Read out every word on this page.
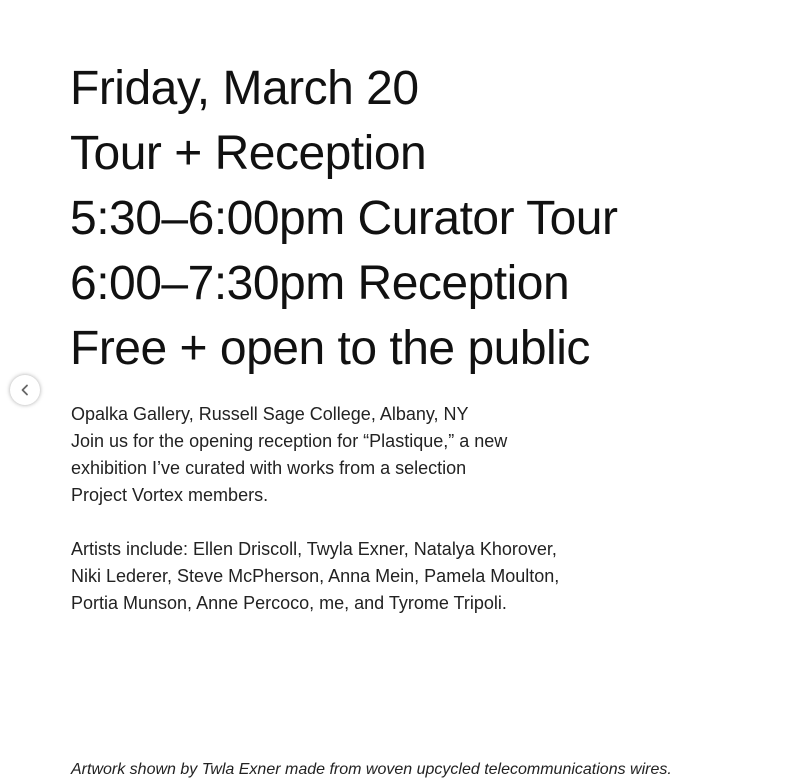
Friday, March 20
Tour + Reception
5:30–6:00pm Curator Tour
6:00–7:30pm Reception
Free + open to the public

Opalka Gallery, Russell Sage College, Albany, NY

Join us for the opening reception for “Plastique,” a new

exhibition I’ve curated with works from a selection

Project Vortex members.

Artists include: Ellen Driscoll, Twyla Exner, Natalya Khorover,

Niki Lederer, Steve McPherson, Anna Mein, Pamela Moulton,

Portia Munson, Anne Percoco, me, and Tyrome Tripoli.

Artwork shown by Twla Exner made from woven upcycled telecommunications wires.
